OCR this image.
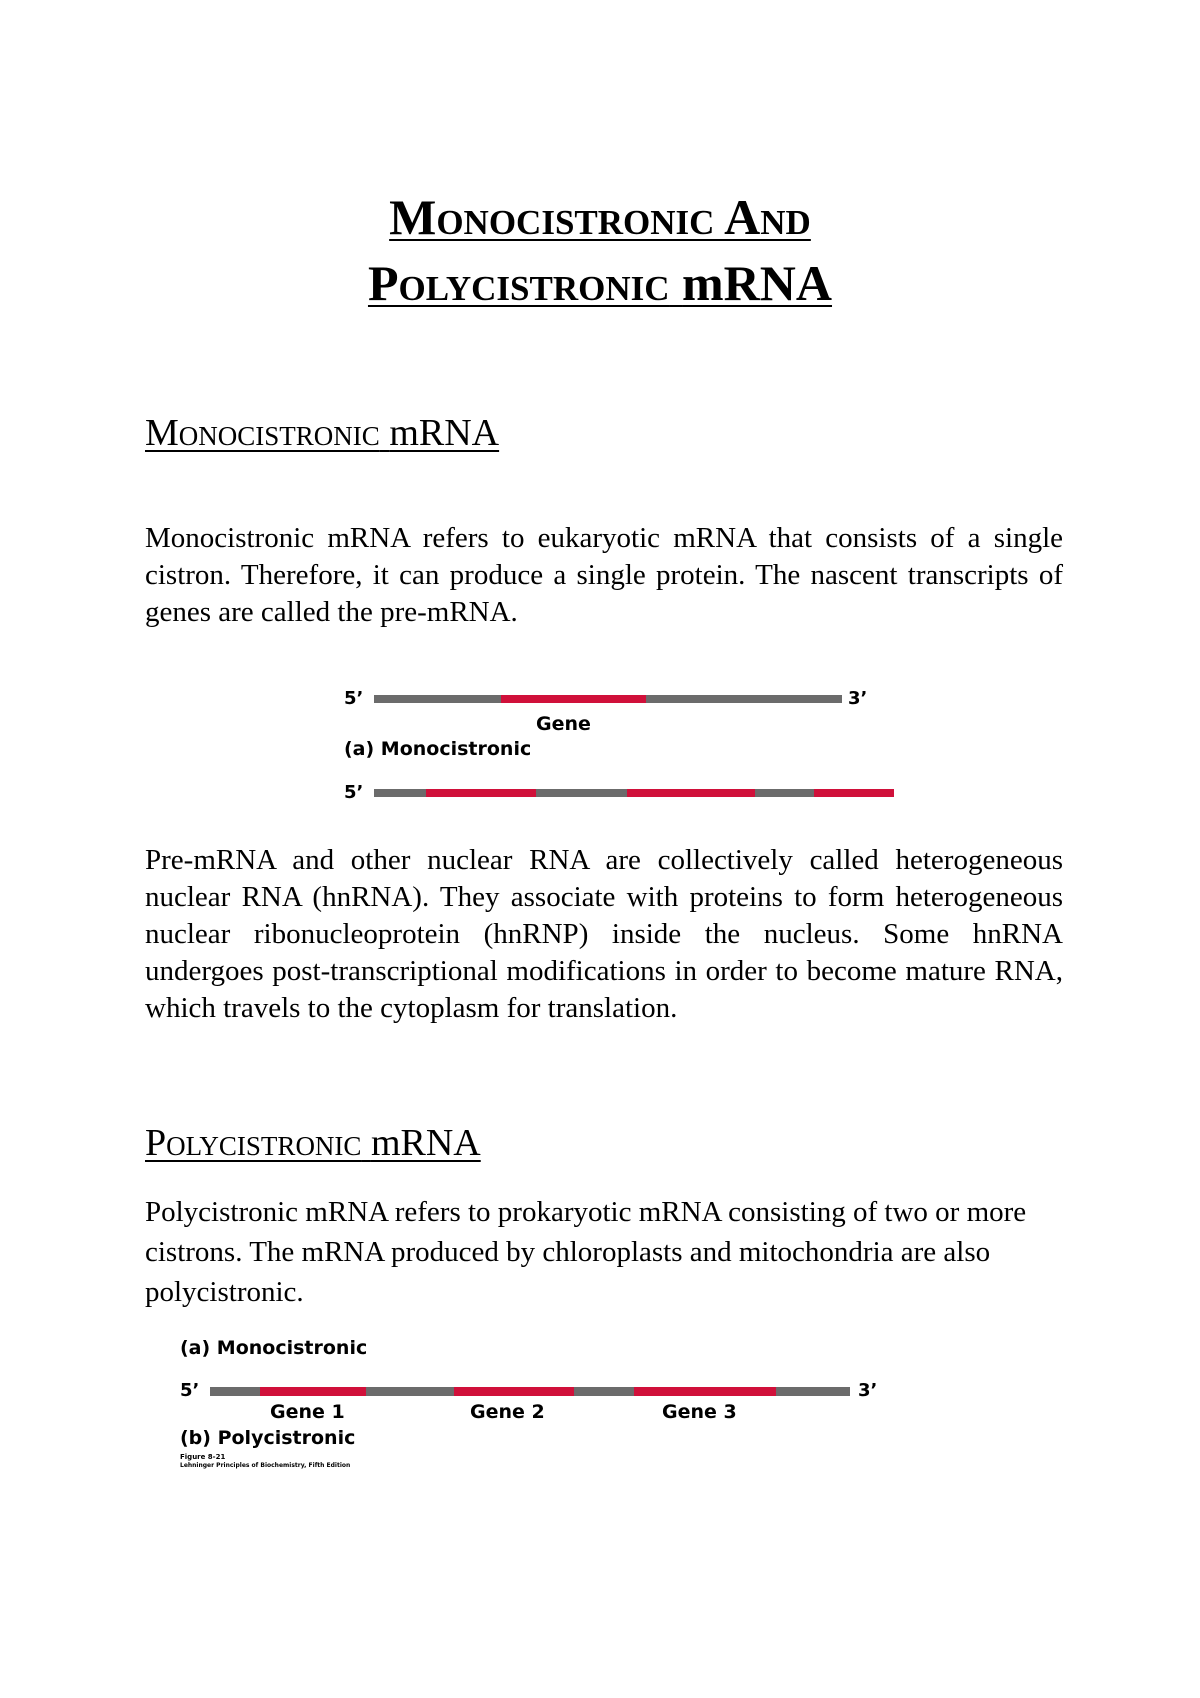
Monocistronic And
Polycistronic mRNA
Monocistronic mRNA

Monocistronic mRNA refers to eukaryotic mRNA that consists of a single cistron. Therefore, it can produce a single protein. The nascent transcripts of genes are called the pre-mRNA.

5’	3’
Gene
(a) Monocistronic
5’

Pre-mRNA and other nuclear RNA are collectively called heterogeneous nuclear RNA (hnRNA). They associate with proteins to form heterogeneous nuclear ribonucleoprotein (hnRNP) inside the nucleus. Some hnRNA undergoes post-transcriptional modifications in order to become mature RNA, which travels to the cytoplasm for translation.

Polycistronic mRNA

Polycistronic mRNA refers to prokaryotic mRNA consisting of two or more cistrons. The mRNA produced by chloroplasts and mitochondria are also polycistronic.

(a) Monocistronic
5’	3’
Gene 1	Gene 2	Gene 3
(b) Polycistronic
Figure 8-21
Lehninger Principles of Biochemistry, Fifth Edition
